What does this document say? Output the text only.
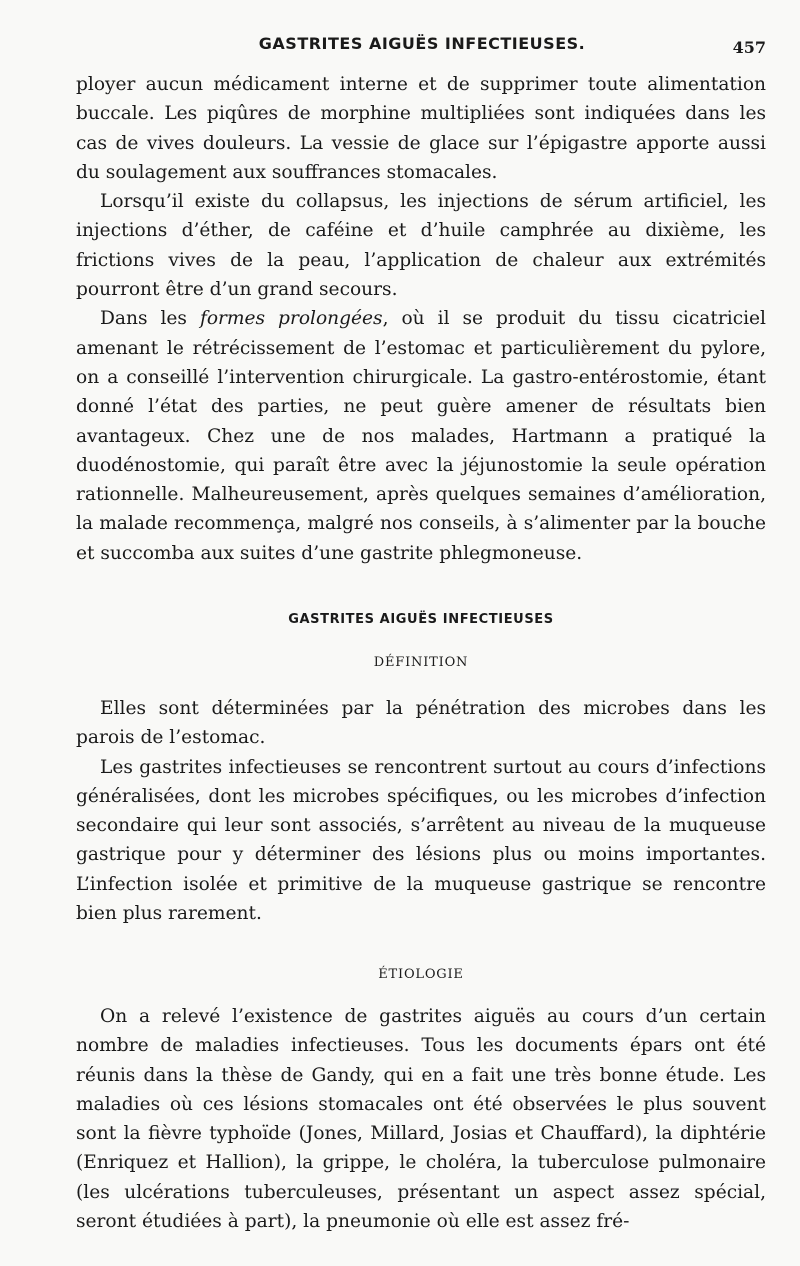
GASTRITES AIGUËS INFECTIEUSES.	457

ployer aucun médicament interne et de supprimer toute alimentation buccale. Les piqûres de morphine multipliées sont indiquées dans les cas de vives douleurs. La vessie de glace sur l’épigastre apporte aussi du soulagement aux souffrances stomacales.

Lorsqu’il existe du collapsus, les injections de sérum artificiel, les injections d’éther, de caféine et d’huile camphrée au dixième, les frictions vives de la peau, l’application de chaleur aux extrémités pourront être d’un grand secours.

Dans les formes prolongées, où il se produit du tissu cicatriciel amenant le rétrécissement de l’estomac et particulièrement du pylore, on a conseillé l’intervention chirurgicale. La gastro-entérostomie, étant donné l’état des parties, ne peut guère amener de résultats bien avantageux. Chez une de nos malades, Hartmann a pratiqué la duodénostomie, qui paraît être avec la jéjunostomie la seule opération rationnelle. Malheureusement, après quelques semaines d’amélioration, la malade recommença, malgré nos conseils, à s’alimenter par la bouche et succomba aux suites d’une gastrite phlegmoneuse.

GASTRITES AIGUËS INFECTIEUSES
DÉFINITION

Elles sont déterminées par la pénétration des microbes dans les parois de l’estomac.

Les gastrites infectieuses se rencontrent surtout au cours d’infections généralisées, dont les microbes spécifiques, ou les microbes d’infection secondaire qui leur sont associés, s’arrêtent au niveau de la muqueuse gastrique pour y déterminer des lésions plus ou moins importantes. L’infection isolée et primitive de la muqueuse gastrique se rencontre bien plus rarement.

ÉTIOLOGIE

On a relevé l’existence de gastrites aiguës au cours d’un certain nombre de maladies infectieuses. Tous les documents épars ont été réunis dans la thèse de Gandy, qui en a fait une très bonne étude. Les maladies où ces lésions stomacales ont été observées le plus souvent sont la fièvre typhoïde (Jones, Millard, Josias et Chauffard), la diphtérie (Enriquez et Hallion), la grippe, le choléra, la tuberculose pulmonaire (les ulcérations tuberculeuses, présentant un aspect assez spécial, seront étudiées à part), la pneumonie où elle est assez fré-
